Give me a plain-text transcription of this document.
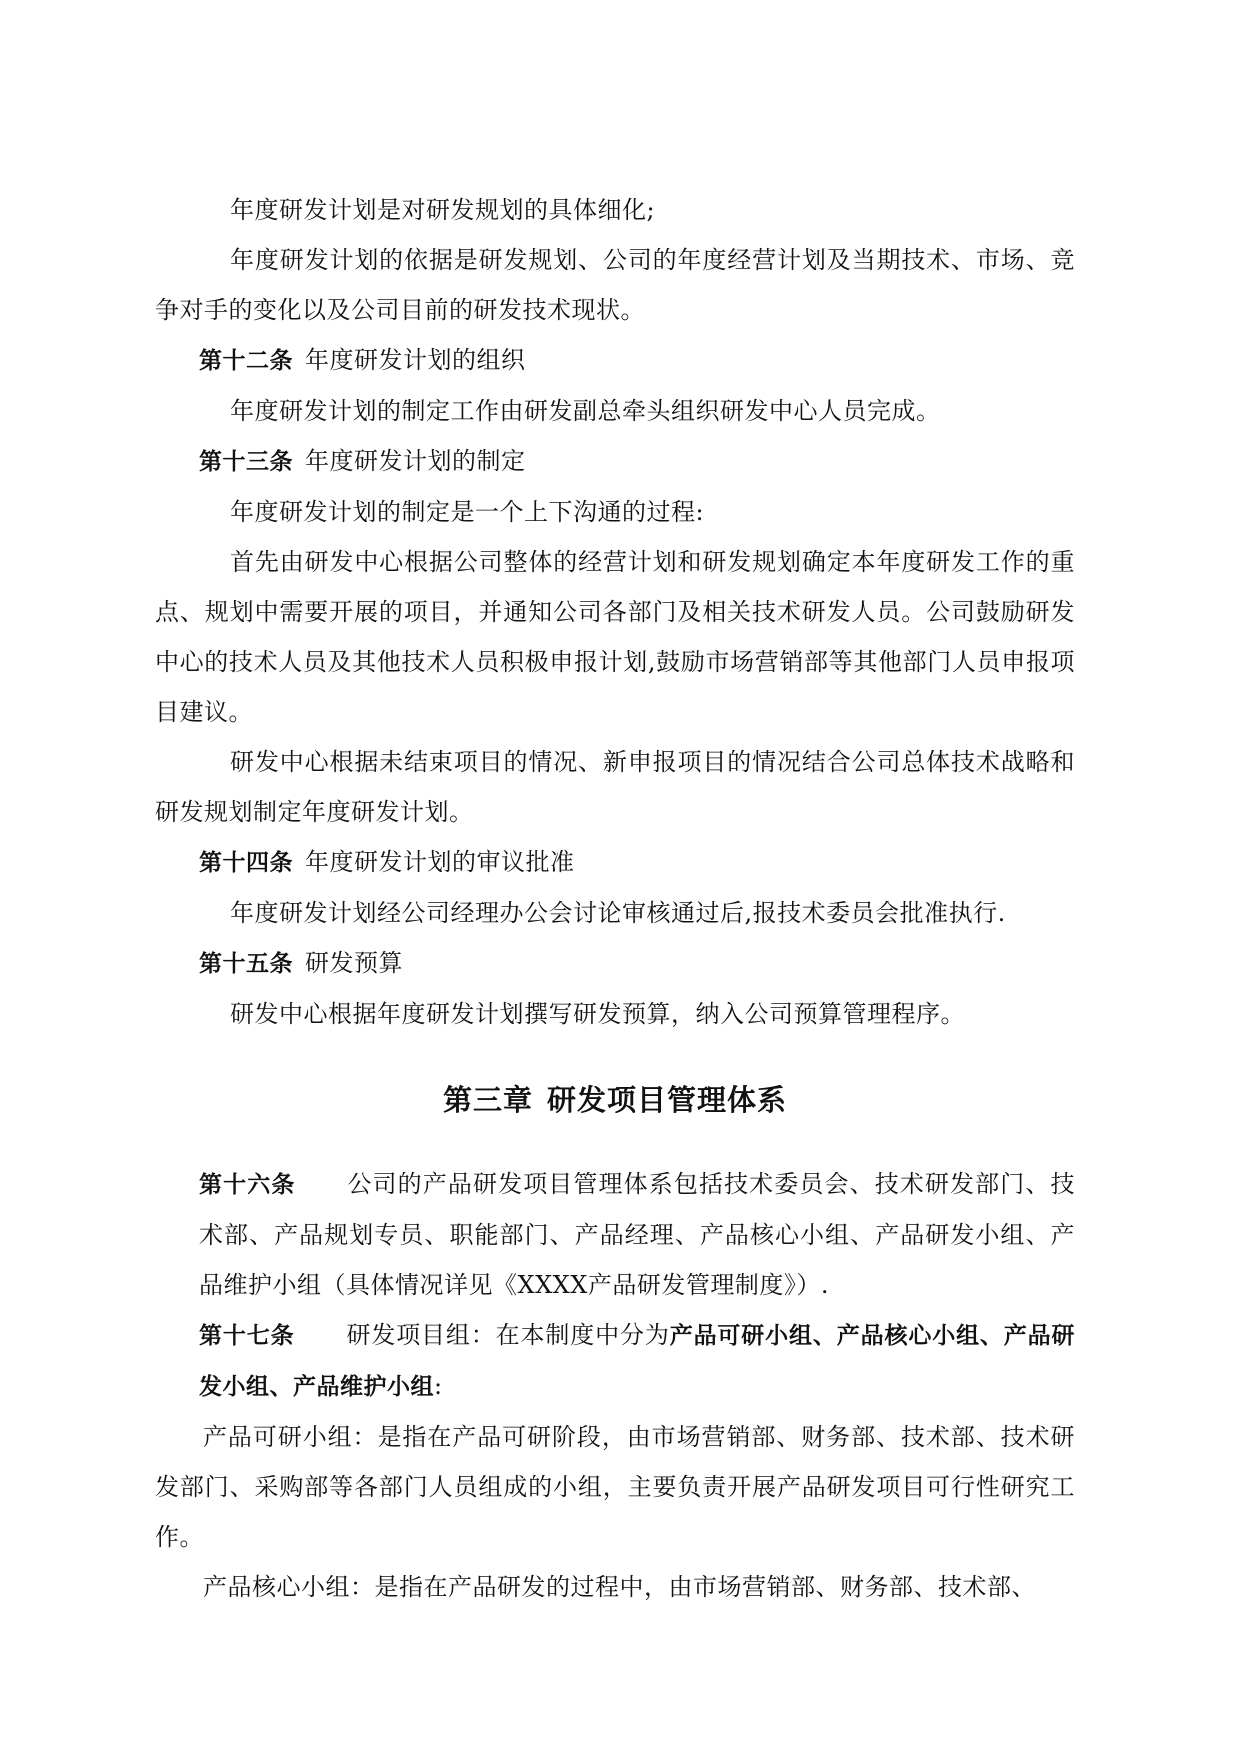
年度研发计划是对研发规划的具体细化;

年度研发计划的依据是研发规划、公司的年度经营计划及当期技术、市场、竞争对手的变化以及公司目前的研发技术现状。

第十二条 年度研发计划的组织

年度研发计划的制定工作由研发副总牵头组织研发中心人员完成。

第十三条 年度研发计划的制定

年度研发计划的制定是一个上下沟通的过程:

首先由研发中心根据公司整体的经营计划和研发规划确定本年度研发工作的重点、规划中需要开展的项目，并通知公司各部门及相关技术研发人员。公司鼓励研发中心的技术人员及其他技术人员积极申报计划,鼓励市场营销部等其他部门人员申报项目建议。

研发中心根据未结束项目的情况、新申报项目的情况结合公司总体技术战略和研发规划制定年度研发计划。

第十四条 年度研发计划的审议批准

年度研发计划经公司经理办公会讨论审核通过后,报技术委员会批准执行.

第十五条 研发预算

研发中心根据年度研发计划撰写研发预算，纳入公司预算管理程序。

第三章 研发项目管理体系

第十六条 公司的产品研发项目管理体系包括技术委员会、技术研发部门、技术部、产品规划专员、职能部门、产品经理、产品核心小组、产品研发小组、产品维护小组（具体情况详见《XXXX产品研发管理制度》）.

第十七条 研发项目组：在本制度中分为产品可研小组、产品核心小组、产品研发小组、产品维护小组:

产品可研小组：是指在产品可研阶段，由市场营销部、财务部、技术部、技术研发部门、采购部等各部门人员组成的小组，主要负责开展产品研发项目可行性研究工作。

产品核心小组：是指在产品研发的过程中，由市场营销部、财务部、技术部、
